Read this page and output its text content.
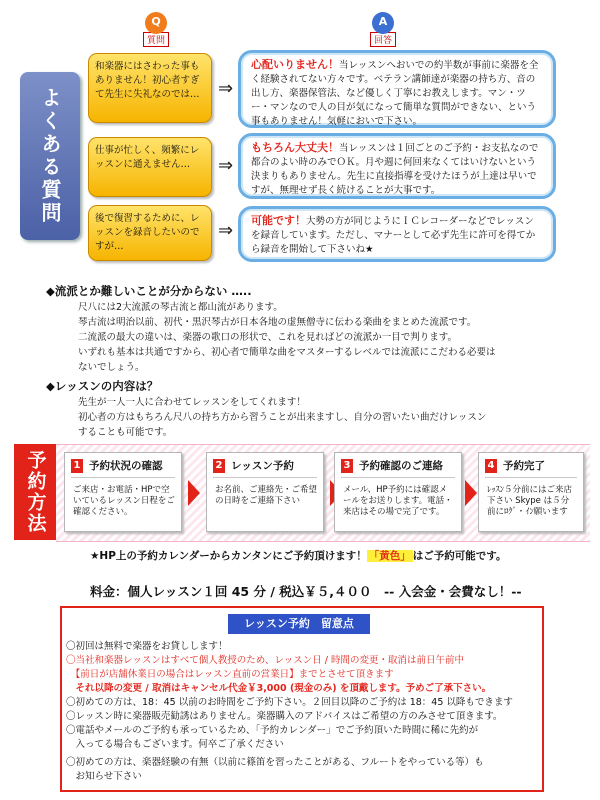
Q
質問
A
回答
よくある質問
和楽器にはさわった事もありません！初心者すぎて先生に失礼なのでは…	⇒
心配いりません！当レッスンへおいでの約半数が事前に楽器を全く経験されてない方々です。ベテラン講師達が楽器の持ち方、音の出し方、楽器保管法、など優しく丁寧にお教えします。マン・ツー・マンなので人の目が気になって簡単な質問ができない、という事もありません！気軽においで下さい。
仕事が忙しく、頻繁にレッスンに通えません…	⇒
もちろん大丈夫！当レッスンは１回ごとのご予約・お支払なので都合のよい時のみでＯＫ。月や週に何回来なくてはいけないという決まりもありません。先生に直接指導を受けたほうが上達は早いですが、無理せず長く続けることが大事です。
後で復習するために、レッスンを録音したいのですが…
⇒	可能です！大勢の方が同じようにＩＣレコーダーなどでレッスンを録音しています。ただし、マナーとして必ず先生に許可を得てから録音を開始して下さいね★
◆流派とか難しいことが分からない …..
尺八には2大流派の琴古流と都山流があります。
琴古流は明治以前、初代・黒沢琴古が日本各地の虚無僧寺に伝わる楽曲をまとめた流派です。
二流派の最大の違いは、楽器の歌口の形状で、これを見ればどの流派か一目で判ります。
いずれも基本は共通ですから、初心者で簡単な曲をマスターするレベルでは流派にこだわる必要は
ないでしょう。
◆レッスンの内容は？
先生が一人一人に合わせてレッスンをしてくれます！
初心者の方はもちろん尺八の持ち方から習うことが出来ますし、自分の習いたい曲だけレッスン
することも可能です。
予約方法	1 予約状況の確認
ご来店・お電話・HPで空いているレッスン日程をご確認ください。
2 レッスン予約
お名前、ご連絡先・ご希望の日時をご連絡下さい
3 予約確認のご連絡
メール、HP予約には確認メールをお送りします。電話・来店はその場で完了です。
4 予約完了
ﾚｯｽﾝ５分前にはご来店下さい Skype は５分前にﾛｸﾞ・ｲﾝ願います
★HP上の予約カレンダーからカンタンにご予約頂けます！ 「黄色」 はご予約可能です。
料金：個人レッスン１回 45 分 / 税込￥５,４００　-- 入会金・会費なし！--
レッスン予約　留意点
〇初回は無料で楽器をお貸しします！
〇当社和楽器レッスンはすべて個人教授のため、レッスン日 / 時間の変更・取消は前日午前中
　【前日が店舗休業日の場合はレッスン直前の営業日】までとさせて頂きます
　それ以降の変更 / 取消はキャンセル代金￥3,000 (現金のみ) を頂戴します。予めご了承下さい。
〇初めての方は、18：45 以前のお時間をご予約下さい。２回目以降のご予約は 18：45 以降もできます
〇レッスン時に楽器販売勧誘はありません。楽器購入のアドバイスはご希望の方のみさせて頂きます。
〇電話やメールのご予約も承っているため、「予約カレンダー」でご予約頂いた時間に稀に先約が
　入ってる場合もございます。何卒ご了承ください
〇初めての方は、楽器経験の有無（以前に篠笛を習ったことがある、フルートをやっている等）も
　お知らせ下さい
